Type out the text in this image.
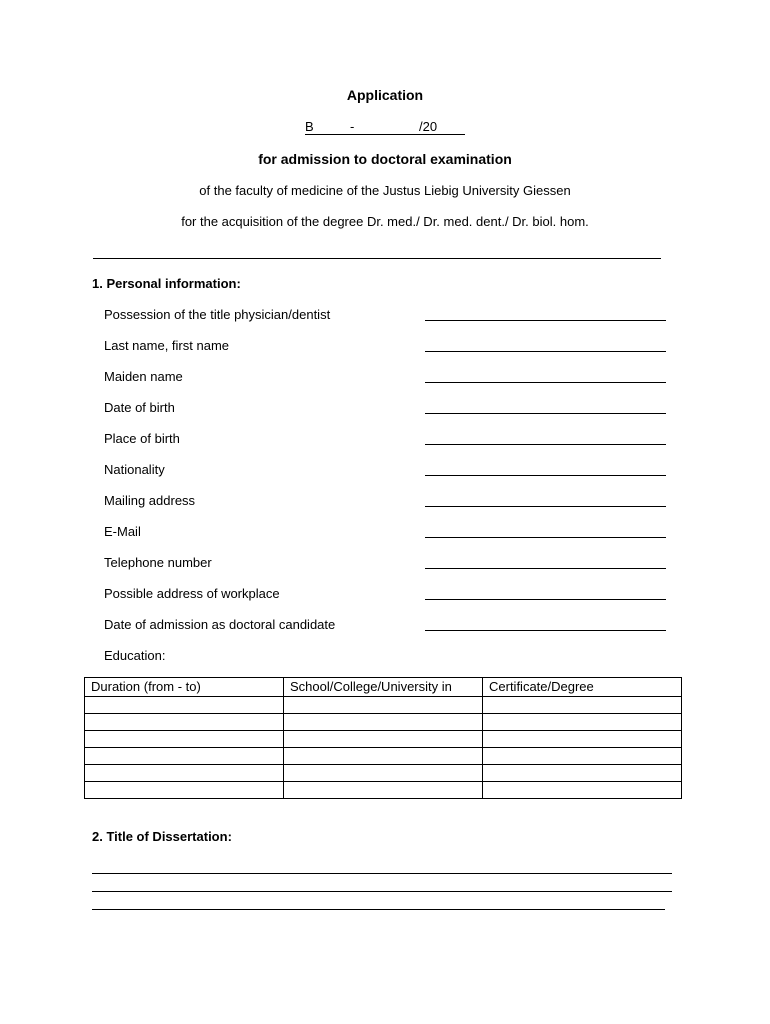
Application
B	-	/20
for admission to doctoral examination
of the faculty of medicine of the Justus Liebig University Giessen
for the acquisition of the degree Dr. med./ Dr. med. dent./ Dr. biol. hom.
1. Personal information:
Possession of the title physician/dentist
Last name, first name
Maiden name
Date of birth
Place of birth
Nationality
Mailing address
E-Mail
Telephone number
Possible address of workplace
Date of admission as doctoral candidate
Education:
Duration (from - to)	School/College/University in	Certificate/Degree

2. Title of Dissertation:
